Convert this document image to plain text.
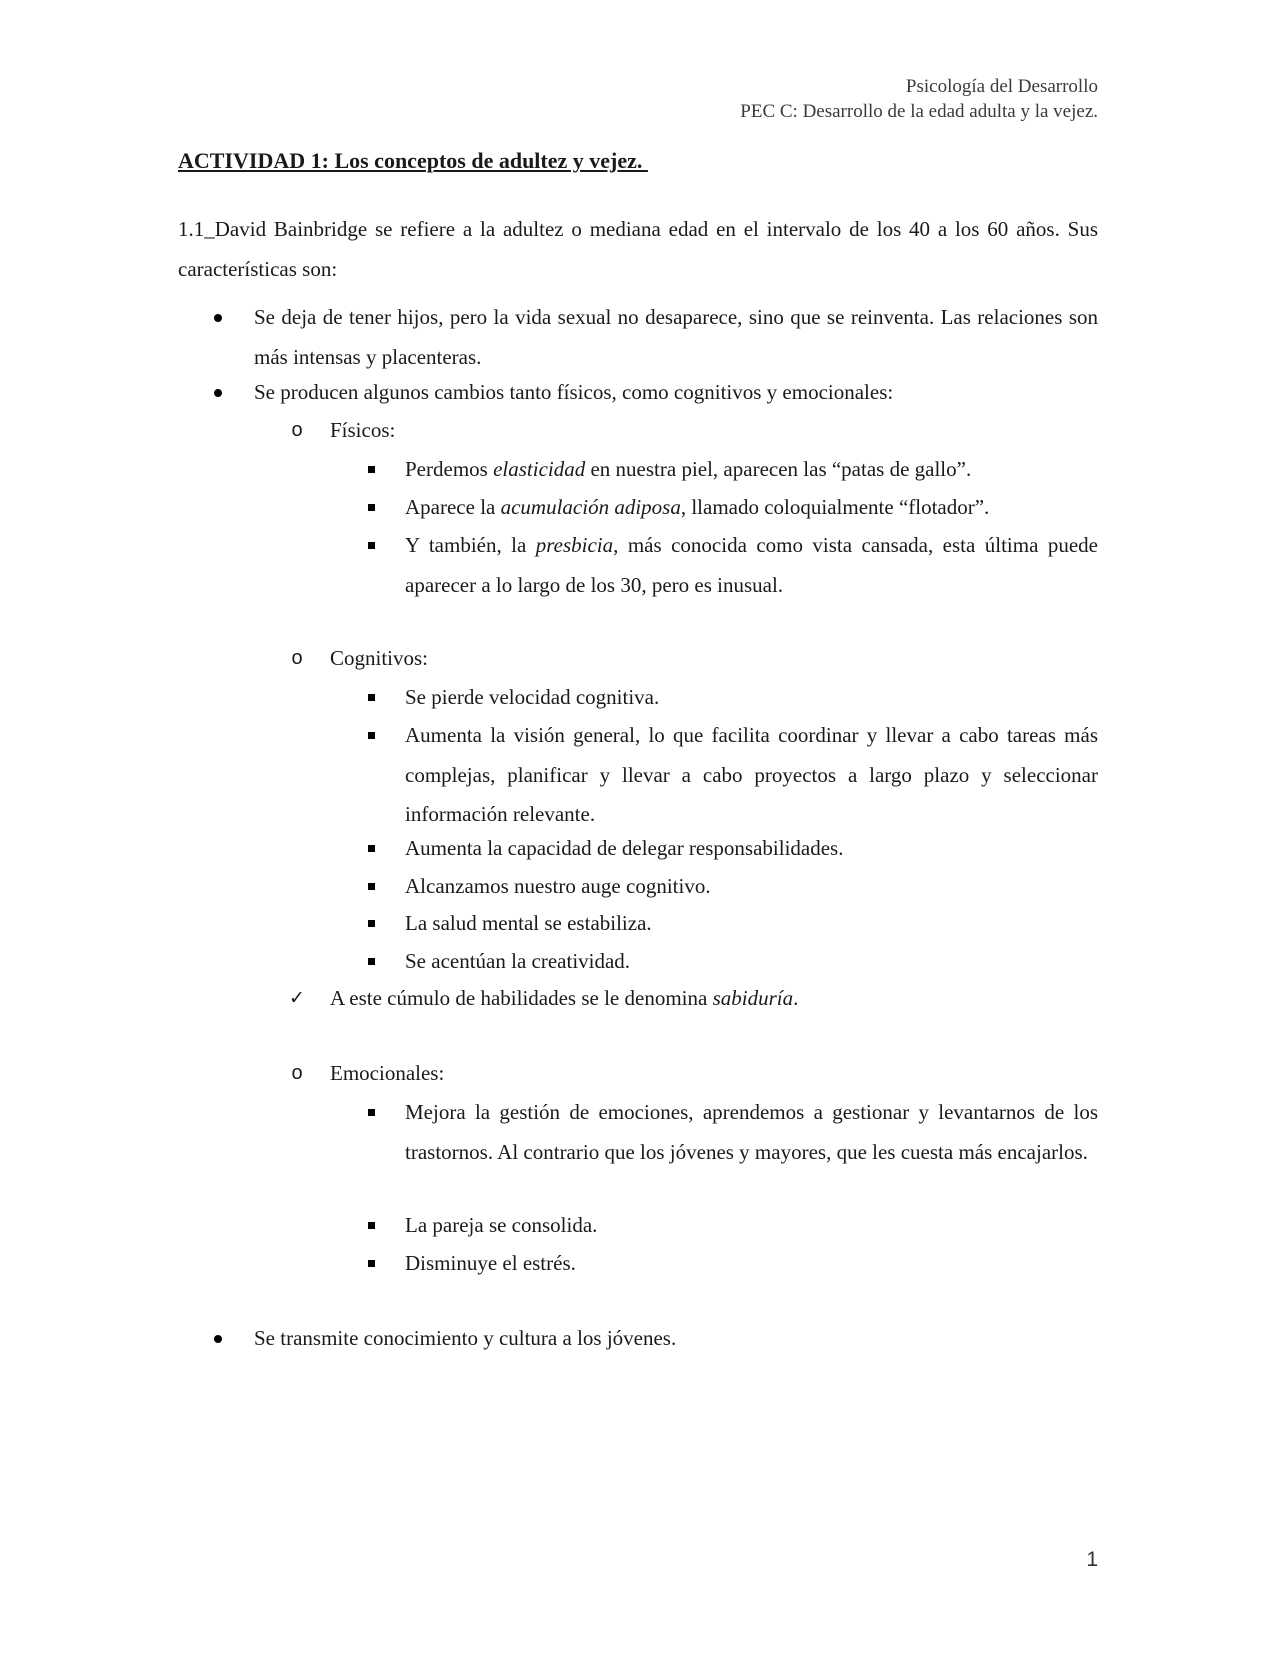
Psicología del Desarrollo
PEC C: Desarrollo de la edad adulta y la vejez.
ACTIVIDAD 1: Los conceptos de adultez y vejez.
1.1_David Bainbridge se refiere a la adultez o mediana edad en el intervalo de los 40 a los 60 años. Sus características son:
Se deja de tener hijos, pero la vida sexual no desaparece, sino que se reinventa. Las relaciones son más intensas y placenteras.
Se producen algunos cambios tanto físicos, como cognitivos y emocionales:
o Físicos:
Perdemos elasticidad en nuestra piel, aparecen las “patas de gallo”.
Aparece la acumulación adiposa, llamado coloquialmente “flotador”.
Y también, la presbicia, más conocida como vista cansada, esta última puede aparecer a lo largo de los 30, pero es inusual.
o Cognitivos:
Se pierde velocidad cognitiva.
Aumenta la visión general, lo que facilita coordinar y llevar a cabo tareas más complejas, planificar y llevar a cabo proyectos a largo plazo y seleccionar información relevante.
Aumenta la capacidad de delegar responsabilidades.
Alcanzamos nuestro auge cognitivo.
La salud mental se estabiliza.
Se acentúan la creatividad.
✓ A este cúmulo de habilidades se le denomina sabiduría.
o Emocionales:
Mejora la gestión de emociones, aprendemos a gestionar y levantarnos de los trastornos. Al contrario que los jóvenes y mayores, que les cuesta más encajarlos.
La pareja se consolida.
Disminuye el estrés.
Se transmite conocimiento y cultura a los jóvenes.
1
